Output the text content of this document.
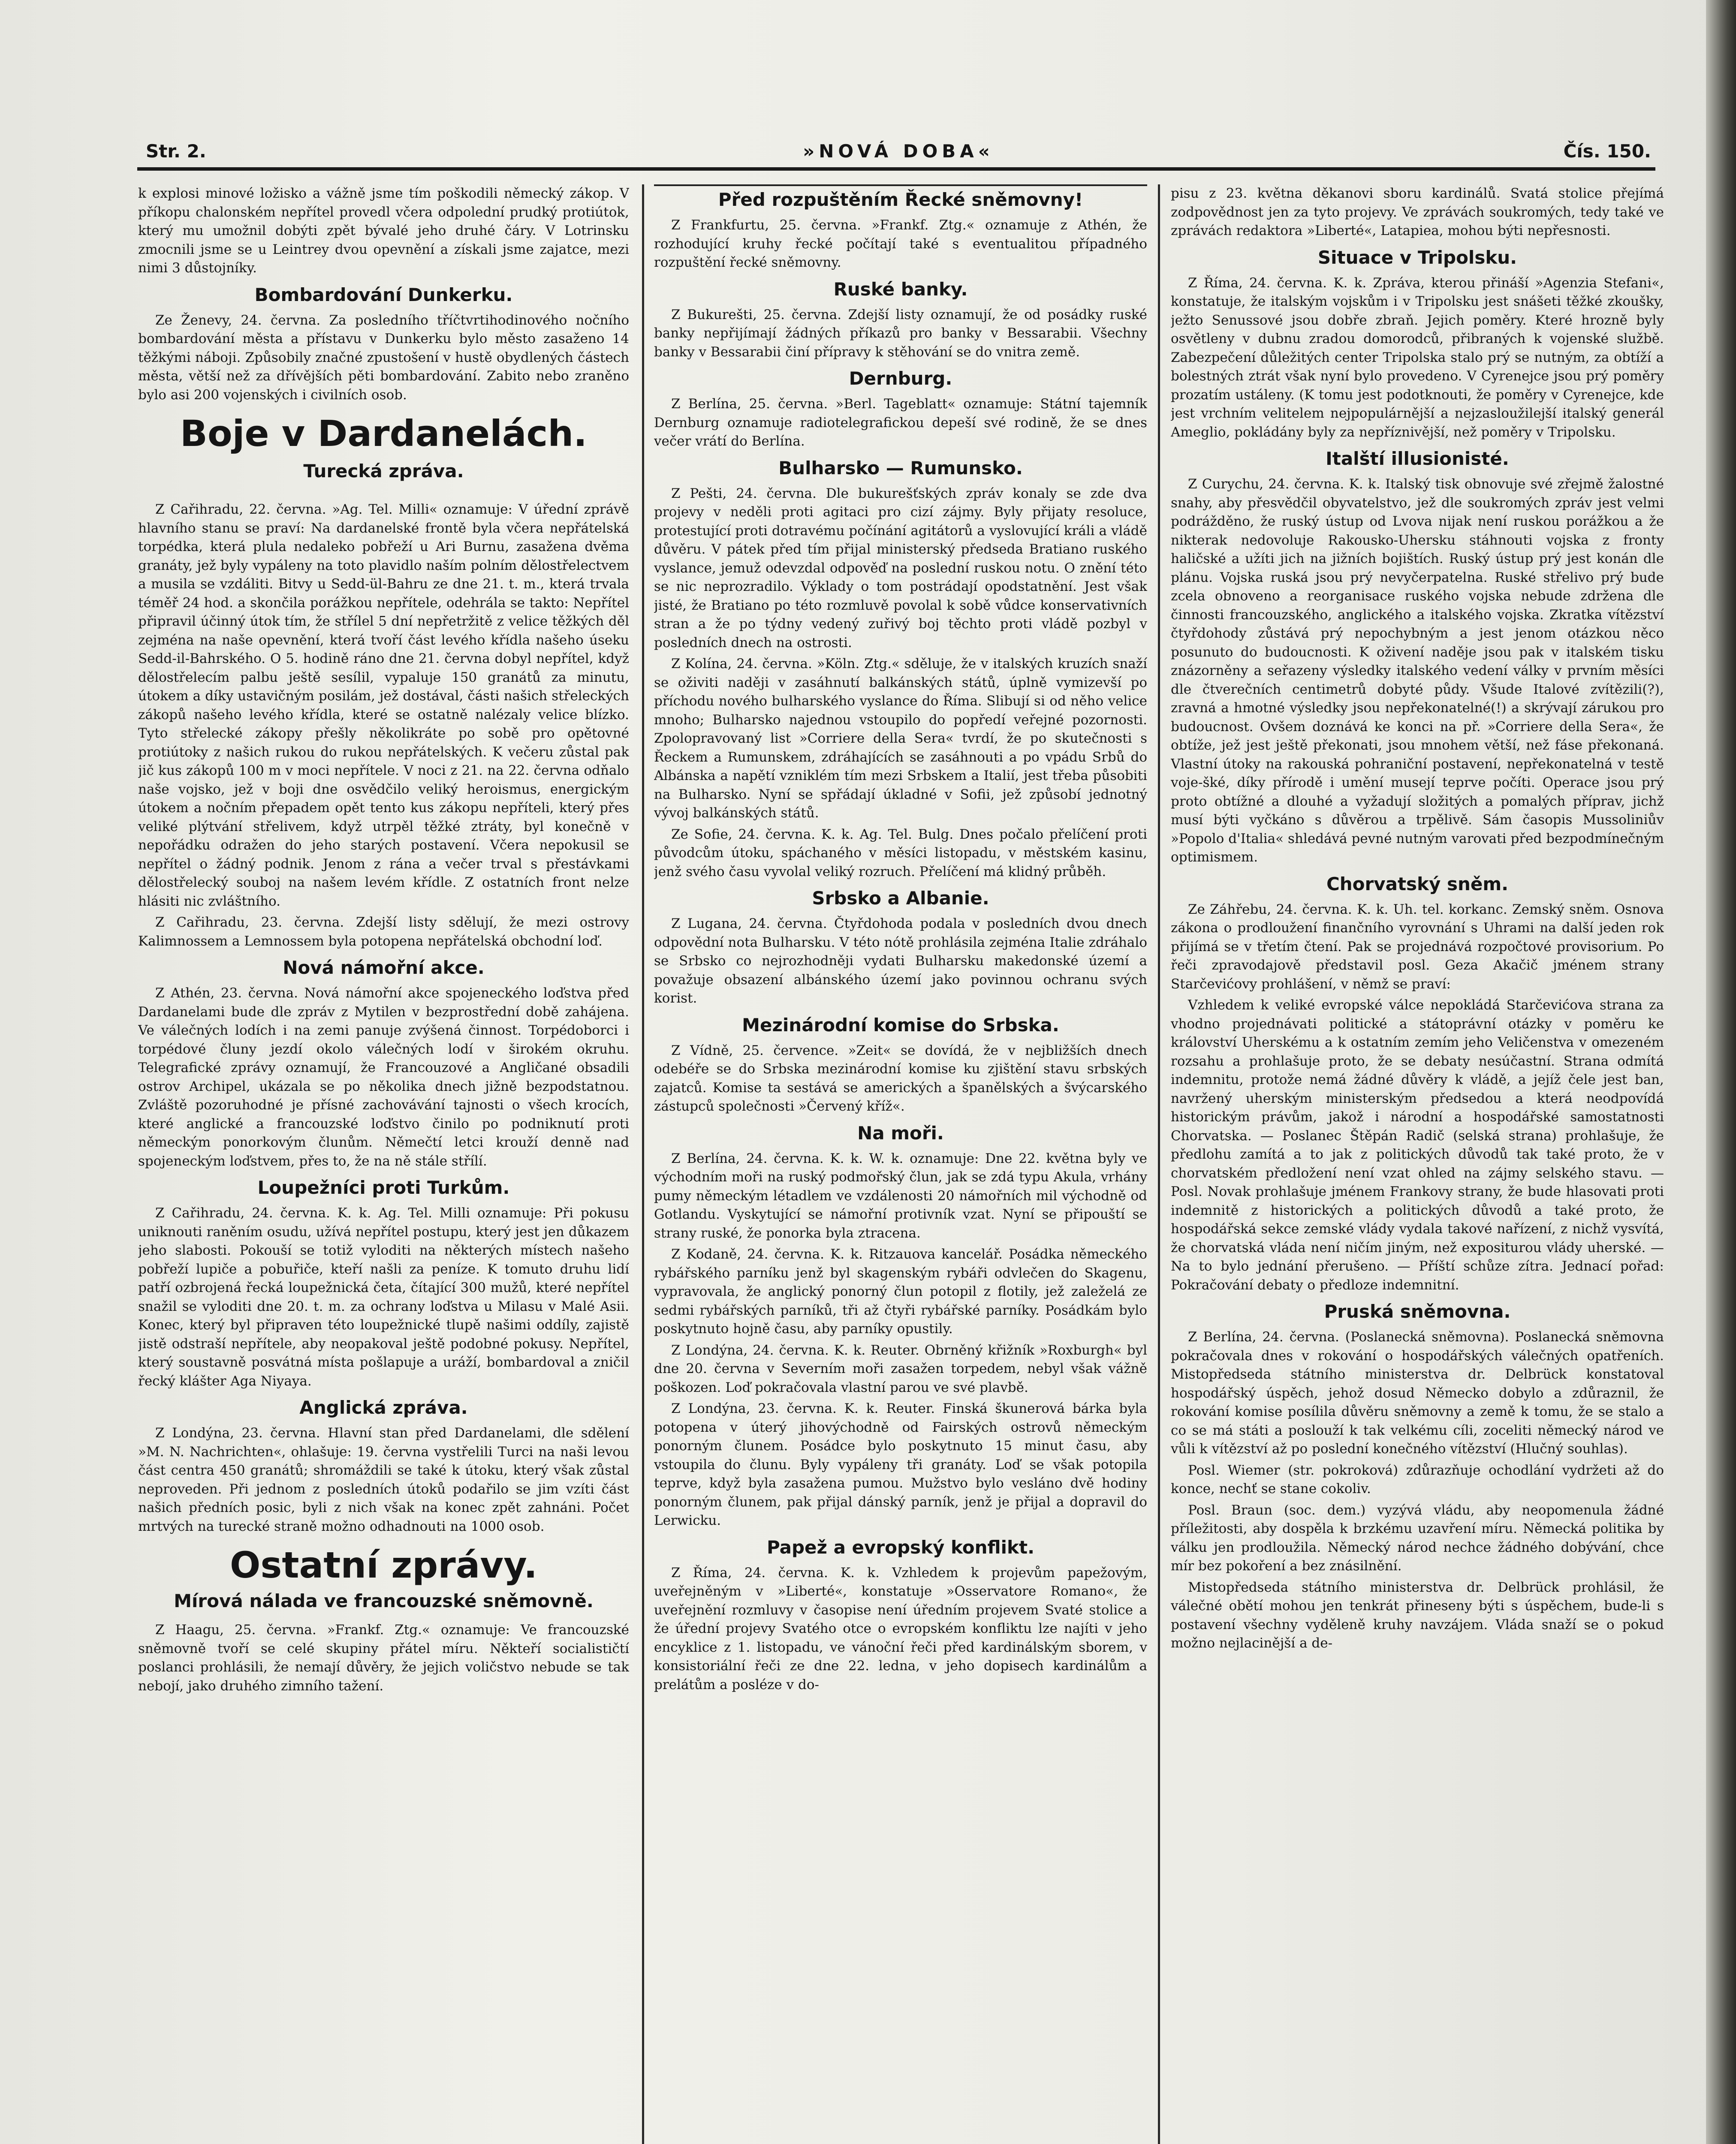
Str. 2.	»NOVÁ DOBA«	Čís. 150.

k explosi minové ložisko a vážně jsme tím poškodili německý zákop. V příkopu chalonském nepřítel provedl včera odpolední prudký protiútok, který mu umožnil dobýti zpět bývalé jeho druhé čáry. V Lotrinsku zmocnili jsme se u Leintrey dvou opevnění a získali jsme zajatce, mezi nimi 3 důstojníky.

Bombardování Dunkerku.

Ze Ženevy, 24. června. Za posledního tříčtvrtihodinového nočního bombardování města a přístavu v Dunkerku bylo město zasaženo 14 těžkými náboji. Způsobily značné zpustošení v hustě obydlených částech města, větší než za dřívějších pěti bombardování. Zabito nebo zraněno bylo asi 200 vojenských i civilních osob.

Boje v Dardanelách.
Turecká zpráva.

Z Cařihradu, 22. června. »Ag. Tel. Milli« oznamuje: V úřední zprávě hlavního stanu se praví: Na dardanelské frontě byla včera nepřátelská torpédka, která plula nedaleko pobřeží u Ari Burnu, zasažena dvěma granáty, jež byly vypáleny na toto plavidlo naším polním dělostřelectvem a musila se vzdáliti. Bitvy u Sedd-ül-Bahru ze dne 21. t. m., která trvala téměř 24 hod. a skončila porážkou nepřítele, odehrála se takto: Nepřítel připravil účinný útok tím, že střílel 5 dní nepřetržitě z velice těžkých děl zejména na naše opevnění, která tvoří část levého křídla našeho úseku Sedd-il-Bahrského. O 5. hodině ráno dne 21. června dobyl nepřítel, když dělostřelecím palbu ještě sesílil, vypaluje 150 granátů za minutu, útokem a díky ustavičným posilám, jež dostával, části našich střeleckých zákopů našeho levého křídla, které se ostatně nalézaly velice blízko. Tyto střelecké zákopy přešly několikráte po sobě pro opětovné protiútoky z našich rukou do rukou nepřátelských. K večeru zůstal pak jič kus zákopů 100 m v moci nepřítele. V noci z 21. na 22. června odňalo naše vojsko, jež v boji dne osvědčilo veliký heroismus, energickým útokem a nočním přepadem opět tento kus zákopu nepříteli, který přes veliké plýtvání střelivem, když utrpěl těžké ztráty, byl konečně v nepořádku odražen do jeho starých postavení. Včera nepokusil se nepřítel o žádný podnik. Jenom z rána a večer trval s přestávkami dělostřelecký souboj na našem levém křídle. Z ostatních front nelze hlásiti nic zvláštního.

Z Cařihradu, 23. června. Zdejší listy sdělují, že mezi ostrovy Kalimnossem a Lemnossem byla potopena nepřátelská obchodní loď.

Nová námořní akce.

Z Athén, 23. června. Nová námořní akce spojeneckého loďstva před Dardanelami bude dle zpráv z Mytilen v bezprostřední době zahájena. Ve válečných lodích i na zemi panuje zvýšená činnost. Torpédoborci i torpédové čluny jezdí okolo válečných lodí v širokém okruhu. Telegrafické zprávy oznamují, že Francouzové a Angličané obsadili ostrov Archipel, ukázala se po několika dnech jižně bezpodstatnou. Zvláště pozoruhodné je přísné zachovávání tajnosti o všech krocích, které anglické a francouzské loďstvo činilo po podniknutí proti německým ponorkovým člunům. Němečtí letci krouží denně nad spojeneckým loďstvem, přes to, že na ně stále střílí.

Loupežníci proti Turkům.

Z Cařihradu, 24. června. K. k. Ag. Tel. Milli oznamuje: Při pokusu uniknouti raněním osudu, užívá nepřítel postupu, který jest jen důkazem jeho slabosti. Pokouší se totiž vyloditi na některých místech našeho pobřeží lupiče a pobuřiče, kteří našli za peníze. K tomuto druhu lidí patří ozbrojená řecká loupežnická četa, čítající 300 mužů, které nepřítel snažil se vyloditi dne 20. t. m. za ochrany loďstva u Milasu v Malé Asii. Konec, který byl připraven této loupežnické tlupě našimi oddíly, zajistě jistě odstraší nepřítele, aby neopakoval ještě podobné pokusy. Nepřítel, který soustavně posvátná místa pošlapuje a uráží, bombardoval a zničil řecký klášter Aga Niyaya.

Anglická zpráva.

Z Londýna, 23. června. Hlavní stan před Dardanelami, dle sdělení »M. N. Nachrichten«, ohlašuje: 19. června vystřelili Turci na naši levou část centra 450 granátů; shromáždili se také k útoku, který však zůstal neproveden. Při jednom z posledních útoků podařilo se jim vzíti část našich předních posic, byli z nich však na konec zpět zahnáni. Počet mrtvých na turecké straně možno odhadnouti na 1000 osob.

Ostatní zprávy.
Mírová nálada ve francouzské sněmovně.

Z Haagu, 25. června. »Frankf. Ztg.« oznamuje: Ve francouzské sněmovně tvoří se celé skupiny přátel míru. Někteří socialističtí poslanci prohlásili, že nemají důvěry, že jejich voličstvo nebude se tak nebojí, jako druhého zimního tažení.

Před rozpuštěním Řecké sněmovny!

Z Frankfurtu, 25. června. »Frankf. Ztg.« oznamuje z Athén, že rozhodující kruhy řecké počítají také s eventualitou případného rozpuštění řecké sněmovny.

Ruské banky.

Z Bukurešti, 25. června. Zdejší listy oznamují, že od posádky ruské banky nepřijímají žádných příkazů pro banky v Bessarabii. Všechny banky v Bessarabii činí přípravy k stěhování se do vnitra země.

Dernburg.

Z Berlína, 25. června. »Berl. Tageblatt« oznamuje: Státní tajemník Dernburg oznamuje radiotelegrafickou depeší své rodině, že se dnes večer vrátí do Berlína.

Bulharsko — Rumunsko.

Z Pešti, 24. června. Dle bukurešťských zpráv konaly se zde dva projevy v neděli proti agitaci pro cizí zájmy. Byly přijaty resoluce, protestující proti dotravému počínání agitátorů a vyslovující králi a vládě důvěru. V pátek před tím přijal ministerský předseda Bratiano ruského vyslance, jemuž odevzdal odpověď na poslední ruskou notu. O znění této se nic neprozradilo. Výklady o tom postrádají opodstatnění. Jest však jisté, že Bratiano po této rozmluvě povolal k sobě vůdce konservativních stran a že po týdny vedený zuřivý boj těchto proti vládě pozbyl v posledních dnech na ostrosti.

Z Kolína, 24. června. »Köln. Ztg.« sděluje, že v italských kruzích snaží se oživiti naději v zasáhnutí balkánských států, úplně vymizevší po příchodu nového bulharského vyslance do Říma. Slibují si od něho velice mnoho; Bulharsko najednou vstoupilo do popředí veřejné pozornosti. Zpolopravovaný list »Corriere della Sera« tvrdí, že po skutečnosti s Řeckem a Rumunskem, zdráhajících se zasáhnouti a po vpádu Srbů do Albánska a napětí vzniklém tím mezi Srbskem a Italií, jest třeba působiti na Bulharsko. Nyní se spřádají úkladné v Sofii, jež způsobí jednotný vývoj balkánských států.

Ze Sofie, 24. června. K. k. Ag. Tel. Bulg. Dnes počalo přelíčení proti původcům útoku, spáchaného v měsíci listopadu, v městském kasinu, jenž svého času vyvolal veliký rozruch. Přelíčení má klidný průběh.

Srbsko a Albanie.

Z Lugana, 24. června. Čtyřdohoda podala v posledních dvou dnech odpovědní nota Bulharsku. V této nótě prohlásila zejména Italie zdráhalo se Srbsko co nejrozhodněji vydati Bulharsku makedonské území a považuje obsazení albánského území jako povinnou ochranu svých korist.

Mezinárodní komise do Srbska.

Z Vídně, 25. července. »Zeit« se dovídá, že v nejbližších dnech odebéře se do Srbska mezinárodní komise ku zjištění stavu srbských zajatců. Komise ta sestává se amerických a španělských a švýcarského zástupců společnosti »Červený kříž«.

Na moři.

Z Berlína, 24. června. K. k. W. k. oznamuje: Dne 22. května byly ve východním moři na ruský podmořský člun, jak se zdá typu Akula, vrhány pumy německým létadlem ve vzdálenosti 20 námořních mil východně od Gotlandu. Vyskytující se námořní protivník vzat. Nyní se připouští se strany ruské, že ponorka byla ztracena.

Z Kodaně, 24. června. K. k. Ritzauova kancelář. Posádka německého rybářského parníku jenž byl skagenským rybáři odvlečen do Skagenu, vypravovala, že anglický ponorný člun potopil z flotily, jež zaleželá ze sedmi rybářských parníků, tři až čtyři rybářské parníky. Posádkám bylo poskytnuto hojně času, aby parníky opustily.

Z Londýna, 24. června. K. k. Reuter. Obrněný křižník »Roxburgh« byl dne 20. června v Severním moři zasažen torpedem, nebyl však vážně poškozen. Loď pokračovala vlastní parou ve své plavbě.

Z Londýna, 23. června. K. k. Reuter. Finská škunerová bárka byla potopena v úterý jihovýchodně od Fairských ostrovů německým ponorným člunem. Posádce bylo poskytnuto 15 minut času, aby vstoupila do člunu. Byly vypáleny tři granáty. Loď se však potopila teprve, když byla zasažena pumou. Mužstvo bylo vesláno dvě hodiny ponorným člunem, pak přijal dánský parník, jenž je přijal a dopravil do Lerwicku.

Papež a evropský konflikt.

Z Říma, 24. června. K. k. Vzhledem k projevům papežovým, uveřejněným v »Liberté«, konstatuje »Osservatore Romano«, že uveřejnění rozmluvy v časopise není úředním projevem Svaté stolice a že úřední projevy Svatého otce o evropském konfliktu lze najíti v jeho encyklice z 1. listopadu, ve vánoční řeči před kardinálským sborem, v konsistoriální řeči ze dne 22. ledna, v jeho dopisech kardinálům a prelátům a posléze v do-

pisu z 23. května děkanovi sboru kardinálů. Svatá stolice přejímá zodpovědnost jen za tyto projevy. Ve zprávách soukromých, tedy také ve zprávách redaktora »Liberté«, Latapiea, mohou býti nepřesnosti.

Situace v Tripolsku.

Z Říma, 24. června. K. k. Zpráva, kterou přináší »Agenzia Stefani«, konstatuje, že italským vojskům i v Tripolsku jest snášeti těžké zkoušky, ježto Senussové jsou dobře zbraň. Jejich poměry. Které hrozně byly osvětleny v dubnu zradou domorodců, přibraných k vojenské službě. Zabezpečení důležitých center Tripolska stalo prý se nutným, za obtíží a bolestných ztrát však nyní bylo provedeno. V Cyrenejce jsou prý poměry prozatím ustáleny. (K tomu jest podotknouti, že poměry v Cyrenejce, kde jest vrchním velitelem nejpopulárnější a nejzasloužilejší italský generál Ameglio, pokládány byly za nepříznivější, než poměry v Tripolsku.

Italští illusionisté.

Z Curychu, 24. června. K. k. Italský tisk obnovuje své zřejmě žalostné snahy, aby přesvědčil obyvatelstvo, jež dle soukromých zpráv jest velmi podrážděno, že ruský ústup od Lvova nijak není ruskou porážkou a že nikterak nedovoluje Rakousko-Uhersku stáhnouti vojska z fronty haličské a užíti jich na jižních bojištích. Ruský ústup prý jest konán dle plánu. Vojska ruská jsou prý nevyčerpatelna. Ruské střelivo prý bude zcela obnoveno a reorganisace ruského vojska nebude zdržena dle činnosti francouzského, anglického a italského vojska. Zkratka vítězství čtyřdohody zůstává prý nepochybným a jest jenom otázkou něco posunuto do budoucnosti. K oživení naděje jsou pak v italském tisku znázorněny a seřazeny výsledky italského vedení války v prvním měsíci dle čtverečních centimetrů dobyté půdy. Všude Italové zvítězili(?), zravná a hmotné výsledky jsou nepřekonatelné(!) a skrývají zárukou pro budoucnost. Ovšem doznává ke konci na př. »Corriere della Sera«, že obtíže, jež jest ještě překonati, jsou mnohem větší, než fáse překonaná. Vlastní útoky na rakouská pohraniční postavení, nepřekonatelná v testě voje-šké, díky přírodě i umění musejí teprve počíti. Operace jsou prý proto obtížné a dlouhé a vyžadují složitých a pomalých příprav, jichž musí býti vyčkáno s důvěrou a trpělivě. Sám časopis Mussoliniův »Popolo d'Italia« shledává pevné nutným varovati před bezpodmínečným optimismem.

Chorvatský sněm.

Ze Záhřebu, 24. června. K. k. Uh. tel. korkanc. Zemský sněm. Osnova zákona o prodloužení finančního vyrovnání s Uhrami na další jeden rok přijímá se v třetím čtení. Pak se projednává rozpočtové provisorium. Po řeči zpravodajově představil posl. Geza Akačič jménem strany Starčevićovy prohlášení, v němž se praví:

Vzhledem k veliké evropské válce nepokládá Starčevićova strana za vhodno projednávati politické a státoprávní otázky v poměru ke království Uherskému a k ostatním zemím jeho Veličenstva v omezeném rozsahu a prohlašuje proto, že se debaty nesúčastní. Strana odmítá indemnitu, protože nemá žádné důvěry k vládě, a jejíž čele jest ban, navržený uherským ministerským předsedou a která neodpovídá historickým právům, jakož i národní a hospodářské samostatnosti Chorvatska. — Poslanec Štěpán Radič (selská strana) prohlašuje, že předlohu zamítá a to jak z politických důvodů tak také proto, že v chorvatském předložení není vzat ohled na zájmy selského stavu. — Posl. Novak prohlašuje jménem Frankovy strany, že bude hlasovati proti indemnitě z historických a politických důvodů a také proto, že hospodářská sekce zemské vlády vydala takové nařízení, z nichž vysvítá, že chorvatská vláda není ničím jiným, než expositurou vlády uherské. — Na to bylo jednání přerušeno. — Příští schůze zítra. Jednací pořad: Pokračování debaty o předloze indemnitní.

Pruská sněmovna.

Z Berlína, 24. června. (Poslanecká sněmovna). Poslanecká sněmovna pokračovala dnes v rokování o hospodářských válečných opatřeních. Mistopředseda státního ministerstva dr. Delbrück konstatoval hospodářský úspěch, jehož dosud Německo dobylo a zdůraznil, že rokování komise posílila důvěru sněmovny a země k tomu, že se stalo a co se má státi a poslouží k tak velkému cíli, zoceliti německý národ ve vůli k vítězství až po poslední konečného vítězství (Hlučný souhlas).

Posl. Wiemer (str. pokroková) zdůrazňuje ochodlání vydržeti až do konce, nechť se stane cokoliv.

Posl. Braun (soc. dem.) vyzývá vládu, aby neopomenula žádné příležitosti, aby dospěla k brzkému uzavření míru. Německá politika by válku jen prodloužila. Německý národ nechce žádného dobývání, chce mír bez pokoření a bez znásilnění.

Mistopředseda státního ministerstva dr. Delbrück prohlásil, že válečné obětí mohou jen tenkrát přineseny býti s úspěchem, bude-li s postavení všechny vyděleně kruhy navzájem. Vláda snaží se o pokud možno nejlacinější a de-
